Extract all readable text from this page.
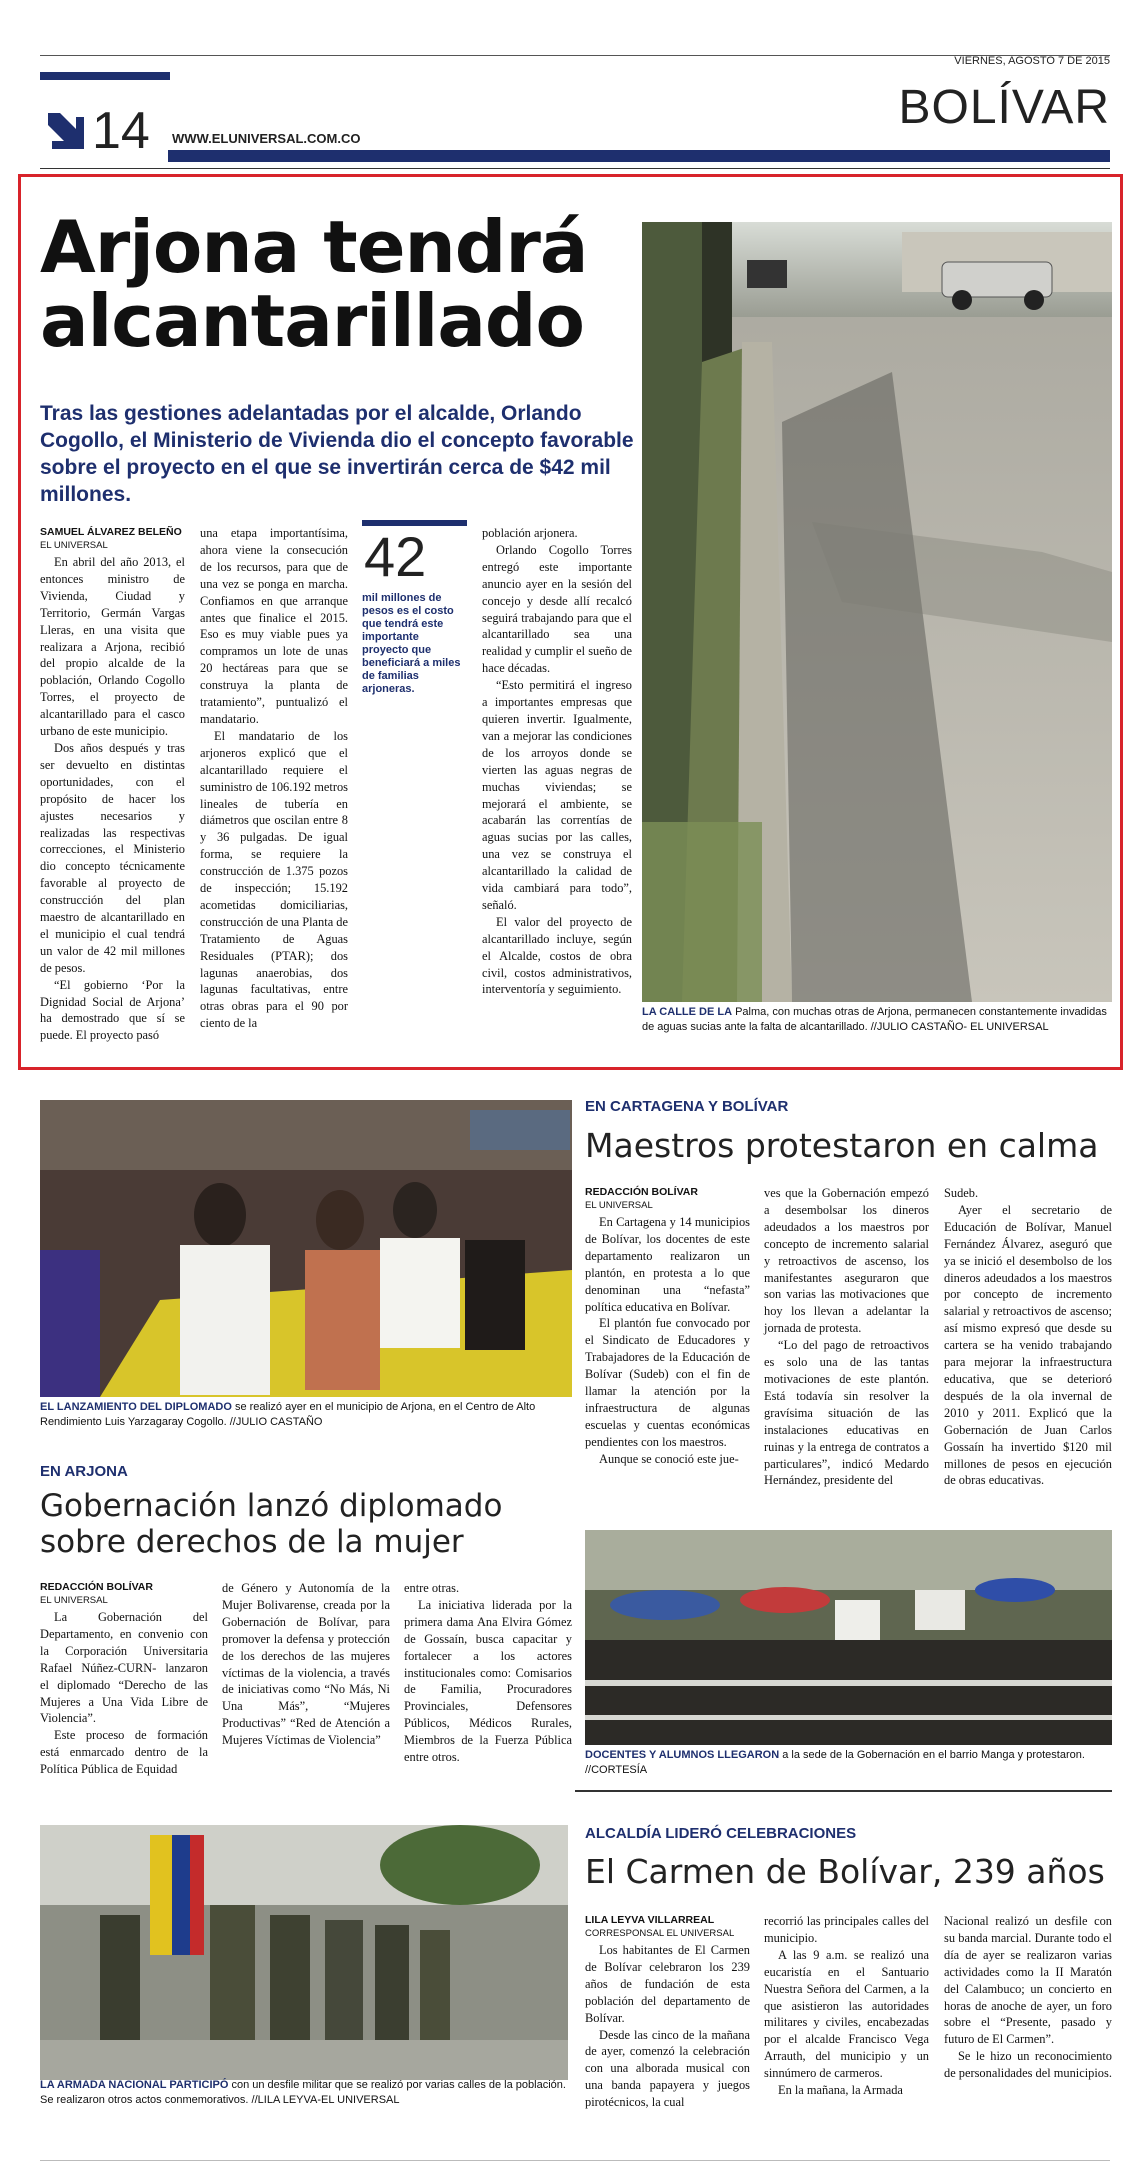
VIERNES, AGOSTO 7 DE 2015
BOLÍVAR
14 WWW.ELUNIVERSAL.COM.CO
Arjona tendrá
alcantarillado
Tras las gestiones adelantadas por el alcalde, Orlando Cogollo, el Ministerio de Vivienda dio el concepto favorable sobre el proyecto en el que se invertirán cerca de $42 mil millones.

SAMUEL ÁLVAREZ BELEÑO

EL UNIVERSAL

En abril del año 2013, el entonces ministro de Vivienda, Ciudad y Territorio, Germán Vargas Lleras, en una visita que realizara a Arjona, recibió del propio alcalde de la población, Orlando Cogollo Torres, el proyecto de alcantarillado para el casco urbano de este municipio.

Dos años después y tras ser devuelto en distintas oportunidades, con el propósito de hacer los ajustes necesarios y realizadas las respectivas correcciones, el Ministerio dio concepto técnicamente favorable al proyecto de construcción del plan maestro de alcantarillado en el municipio el cual tendrá un valor de 42 mil millones de pesos.

“El gobierno ‘Por la Dignidad Social de Arjona’ ha demostrado que sí se puede. El proyecto pasó

una etapa importantísima, ahora viene la consecución de los recursos, para que de una vez se ponga en marcha. Confiamos en que arranque antes que finalice el 2015. Eso es muy viable pues ya compramos un lote de unas 20 hectáreas para que se construya la planta de tratamiento”, puntualizó el mandatario.

El mandatario de los arjoneros explicó que el alcantarillado requiere el suministro de 106.192 metros lineales de tubería en diámetros que oscilan entre 8 y 36 pulgadas. De igual forma, se requiere la construcción de 1.375 pozos de inspección; 15.192 acometidas domiciliarias, construcción de una Planta de Tratamiento de Aguas Residuales (PTAR); dos lagunas anaerobias, dos lagunas facultativas, entre otras obras para el 90 por ciento de la

42
mil millones de pesos es el costo que tendrá este importante proyecto que beneficiará a miles de familias arjoneras.

población arjonera.

Orlando Cogollo Torres entregó este importante anuncio ayer en la sesión del concejo y desde allí recalcó seguirá trabajando para que el alcantarillado sea una realidad y cumplir el sueño de hace décadas.

“Esto permitirá el ingreso a importantes empresas que quieren invertir. Igualmente, van a mejorar las condiciones de los arroyos donde se vierten las aguas negras de muchas viviendas; se mejorará el ambiente, se acabarán las correntías de aguas sucias por las calles, una vez se construya el alcantarillado la calidad de vida cambiará para todo”, señaló.

El valor del proyecto de alcantarillado incluye, según el Alcalde, costos de obra civil, costos administrativos, interventoría y seguimiento.

LA CALLE DE LA Palma, con muchas otras de Arjona, permanecen constantemente invadidas de aguas sucias ante la falta de alcantarillado. //JULIO CASTAÑO- EL UNIVERSAL
EL LANZAMIENTO DEL DIPLOMADO se realizó ayer en el municipio de Arjona, en el Centro de Alto Rendimiento Luis Yarzagaray Cogollo. //JULIO CASTAÑO
EN ARJONA
Gobernación lanzó diplomado
sobre derechos de la mujer

REDACCIÓN BOLÍVAR

EL UNIVERSAL

La Gobernación del Departamento, en convenio con la Corporación Universitaria Rafael Núñez-CURN- lanzaron el diplomado “Derecho de las Mujeres a Una Vida Libre de Violencia”.

Este proceso de formación está enmarcado dentro de la Política Pública de Equidad

de Género y Autonomía de la Mujer Bolivarense, creada por la Gobernación de Bolívar, para promover la defensa y protección de los derechos de las mujeres víctimas de la violencia, a través de iniciativas como “No Más, Ni Una Más”, “Mujeres Productivas” “Red de Atención a Mujeres Víctimas de Violencia”

entre otras.

La iniciativa liderada por la primera dama Ana Elvira Gómez de Gossaín, busca capacitar y fortalecer a los actores institucionales como: Comisarios de Familia, Procuradores Provinciales, Defensores Públicos, Médicos Rurales, Miembros de la Fuerza Pública entre otros.

EN CARTAGENA Y BOLÍVAR
Maestros protestaron en calma

REDACCIÓN BOLÍVAR

EL UNIVERSAL

En Cartagena y 14 municipios de Bolívar, los docentes de este departamento realizaron un plantón, en protesta a lo que denominan una “nefasta” política educativa en Bolívar.

El plantón fue convocado por el Sindicato de Educadores y Trabajadores de la Educación de Bolívar (Sudeb) con el fin de llamar la atención por la infraestructura de algunas escuelas y cuentas económicas pendientes con los maestros.

Aunque se conoció este jue-

ves que la Gobernación empezó a desembolsar los dineros adeudados a los maestros por concepto de incremento salarial y retroactivos de ascenso, los manifestantes aseguraron que son varias las motivaciones que hoy los llevan a adelantar la jornada de protesta.

“Lo del pago de retroactivos es solo una de las tantas motivaciones de este plantón. Está todavía sin resolver la gravísima situación de las instalaciones educativas en ruinas y la entrega de contratos a particulares”, indicó Medardo Hernández, presidente del

Sudeb.

Ayer el secretario de Educación de Bolívar, Manuel Fernández Álvarez, aseguró que ya se inició el desembolso de los dineros adeudados a los maestros por concepto de incremento salarial y retroactivos de ascenso; así mismo expresó que desde su cartera se ha venido trabajando para mejorar la infraestructura educativa, que se deterioró después de la ola invernal de 2010 y 2011. Explicó que la Gobernación de Juan Carlos Gossaín ha invertido $120 mil millones de pesos en ejecución de obras educativas.

DOCENTES Y ALUMNOS LLEGARON a la sede de la Gobernación en el barrio Manga y protestaron. //CORTESÍA
LA ARMADA NACIONAL PARTICIPÓ con un desfile militar que se realizó por varias calles de la población. Se realizaron otros actos conmemorativos. //LILA LEYVA-EL UNIVERSAL
ALCALDÍA LIDERÓ CELEBRACIONES
El Carmen de Bolívar, 239 años

LILA LEYVA VILLARREAL

CORRESPONSAL EL UNIVERSAL

Los habitantes de El Carmen de Bolívar celebraron los 239 años de fundación de esta población del departamento de Bolívar.

Desde las cinco de la mañana de ayer, comenzó la celebración con una alborada musical con una banda papayera y juegos pirotécnicos, la cual

recorrió las principales calles del municipio.

A las 9 a.m. se realizó una eucaristía en el Santuario Nuestra Señora del Carmen, a la que asistieron las autoridades militares y civiles, encabezadas por el alcalde Francisco Vega Arrauth, del municipio y un sinnúmero de carmeros.

En la mañana, la Armada

Nacional realizó un desfile con su banda marcial. Durante todo el día de ayer se realizaron varias actividades como la II Maratón del Calambuco; un concierto en horas de anoche de ayer, un foro sobre el “Presente, pasado y futuro de El Carmen”.

Se le hizo un reconocimiento de personalidades del municipios.
